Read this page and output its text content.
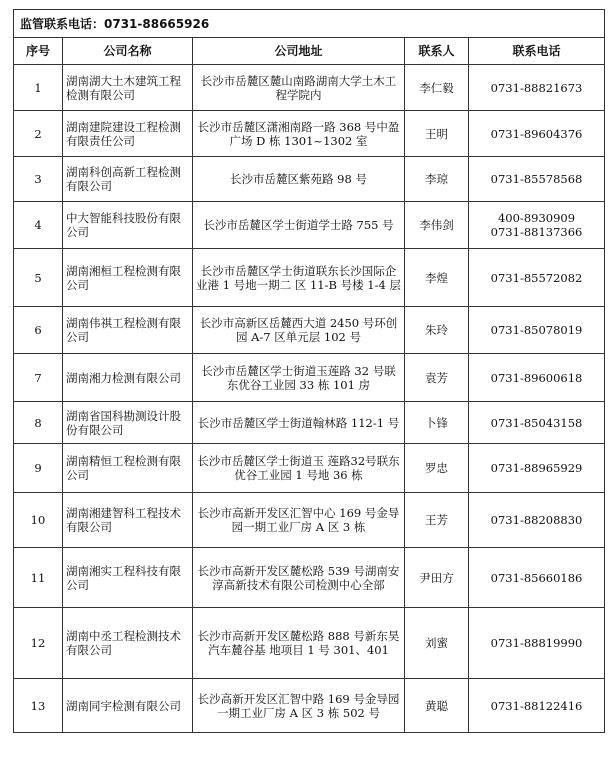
监管联系电话：0731-88665926				
序号	公司名称	公司地址	联系人	联系电话
1	湖南湖大土木建筑工程检测有限公司	长沙市岳麓区麓山南路湖南大学土木工程学院内	李仁毅	0731-88821673

2	湖南建院建设工程检测有限责任公司	长沙市岳麓区潇湘南路一路 368 号中盈广场 D 栋 1301~1302 室	王明	0731-89604376

3	湖南科创高新工程检测有限公司	长沙市岳麓区紫苑路 98 号	李琼	0731-85578568

4	中大智能科技股份有限公司	长沙市岳麓区学士街道学士路 755 号	李伟剑	400-8930909
0731-88137366

5	湖南湘桓工程检测有限公司	长沙市岳麓区学士街道联东长沙国际企业港 1 号地一期二 区 11-B 号楼 1-4 层	李煌	0731-85572082

6	湖南伟祺工程检测有限公司	长沙市高新区岳麓西大道 2450 号环创园 A-7 区单元层 102 号	朱玲	0731-85078019

7	湖南湘力检测有限公司	长沙市岳麓区学士街道玉莲路 32 号联东优谷工业园 33 栋 101 房	袁芳	0731-89600618

8	湖南省国科勘测设计股份有限公司	长沙市岳麓区学士街道翰林路 112-1 号	卜锋	0731-85043158

9	湖南精恒工程检测有限公司	长沙市岳麓区学士街道玉 莲路32号联东优谷工业园 1 号地 36 栋	罗忠	0731-88965929

10	湖南湘建智科工程技术有限公司	长沙市高新开发区汇智中心 169 号金导园一期工业厂房 A 区 3 栋	王芳	0731-88208830

11	湖南湘实工程科技有限公司	长沙市高新开发区麓松路 539 号湖南安淳高新技术有限公司检测中心全部	尹田方	0731-85660186

12	湖南中丞工程检测技术有限公司	长沙市高新开发区麓松路 888 号新东昊汽车麓谷基 地项目 1 号 301、401	刘蜜	0731-88819990

13	湖南同宇检测有限公司	长沙高新开发区汇智中路 169 号金导园一期工业厂房 A 区 3 栋 502 号	黄聪	0731-88122416
